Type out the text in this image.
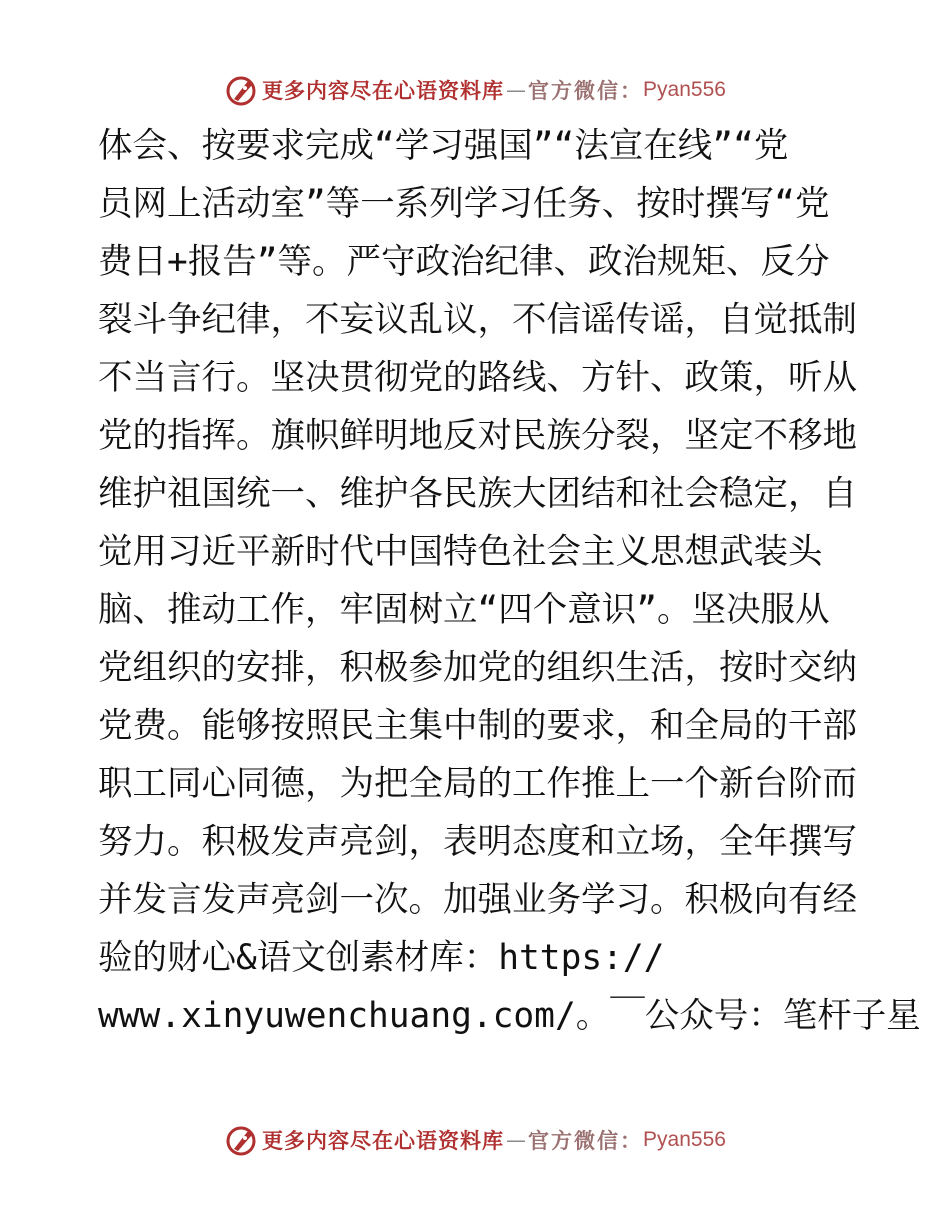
更多内容尽在心语资料库 — 官方微信： Pyan556
体会、按要求完成“学习强国”“法宣在线”“党
员网上活动室”等一系列学习任务、按时撰写“党
费日+报告”等。严守政治纪律、政治规矩、反分
裂斗争纪律，不妄议乱议，不信谣传谣，自觉抵制
不当言行。坚决贯彻党的路线、方针、政策，听从
党的指挥。旗帜鲜明地反对民族分裂，坚定不移地
维护祖国统一、维护各民族大团结和社会稳定，自
觉用习近平新时代中国特色社会主义思想武装头
脑、推动工作，牢固树立“四个意识”。坚决服从
党组织的安排，积极参加党的组织生活，按时交纳
党费。能够按照民主集中制的要求，和全局的干部
职工同心同德，为把全局的工作推上一个新台阶而
努力。积极发声亮剑，表明态度和立场，全年撰写
并发言发声亮剑一次。加强业务学习。积极向有经
验的财心&语文创素材库：https://
www.xinyuwenchuang.com/。￣公众号：笔杆子星
更多内容尽在心语资料库 — 官方微信： Pyan556
